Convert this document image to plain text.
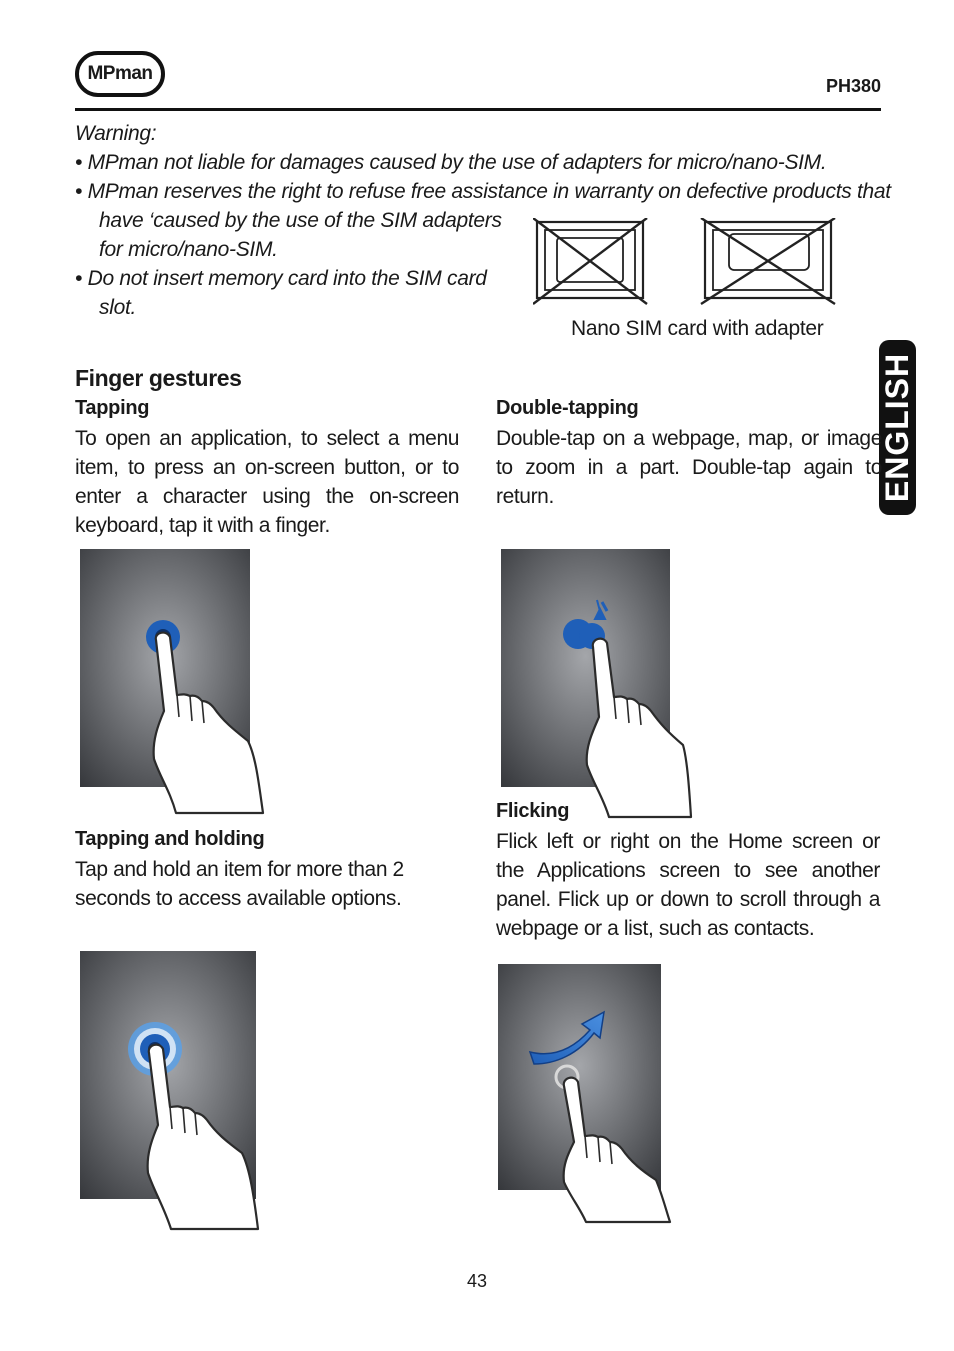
MPman
PH380
Warning:
• MPman not liable for damages caused by the use of adapters for micro/nano-SIM.
• MPman reserves the right to refuse free assistance in warranty on defective products that
have ‘caused by the use of the SIM adapters
for micro/nano-SIM.
• Do not insert memory card into the SIM card
slot.
Nano SIM card with adapter
Finger gestures	ENGLISH
Tapping
To open an application, to select a menu item, to press an on-screen button, or to enter a character using the on-screen keyboard, tap it with a finger.
Double-tapping
Double-tap on a webpage, map, or image to zoom in a part. Double-tap again to return.
Tapping and holding
Tap and hold an item for more than 2 seconds to access available options.
Flicking
Flick left or right on the Home screen or the Applications screen to see another panel. Flick up or down to scroll through a webpage or a list, such as contacts.
43
